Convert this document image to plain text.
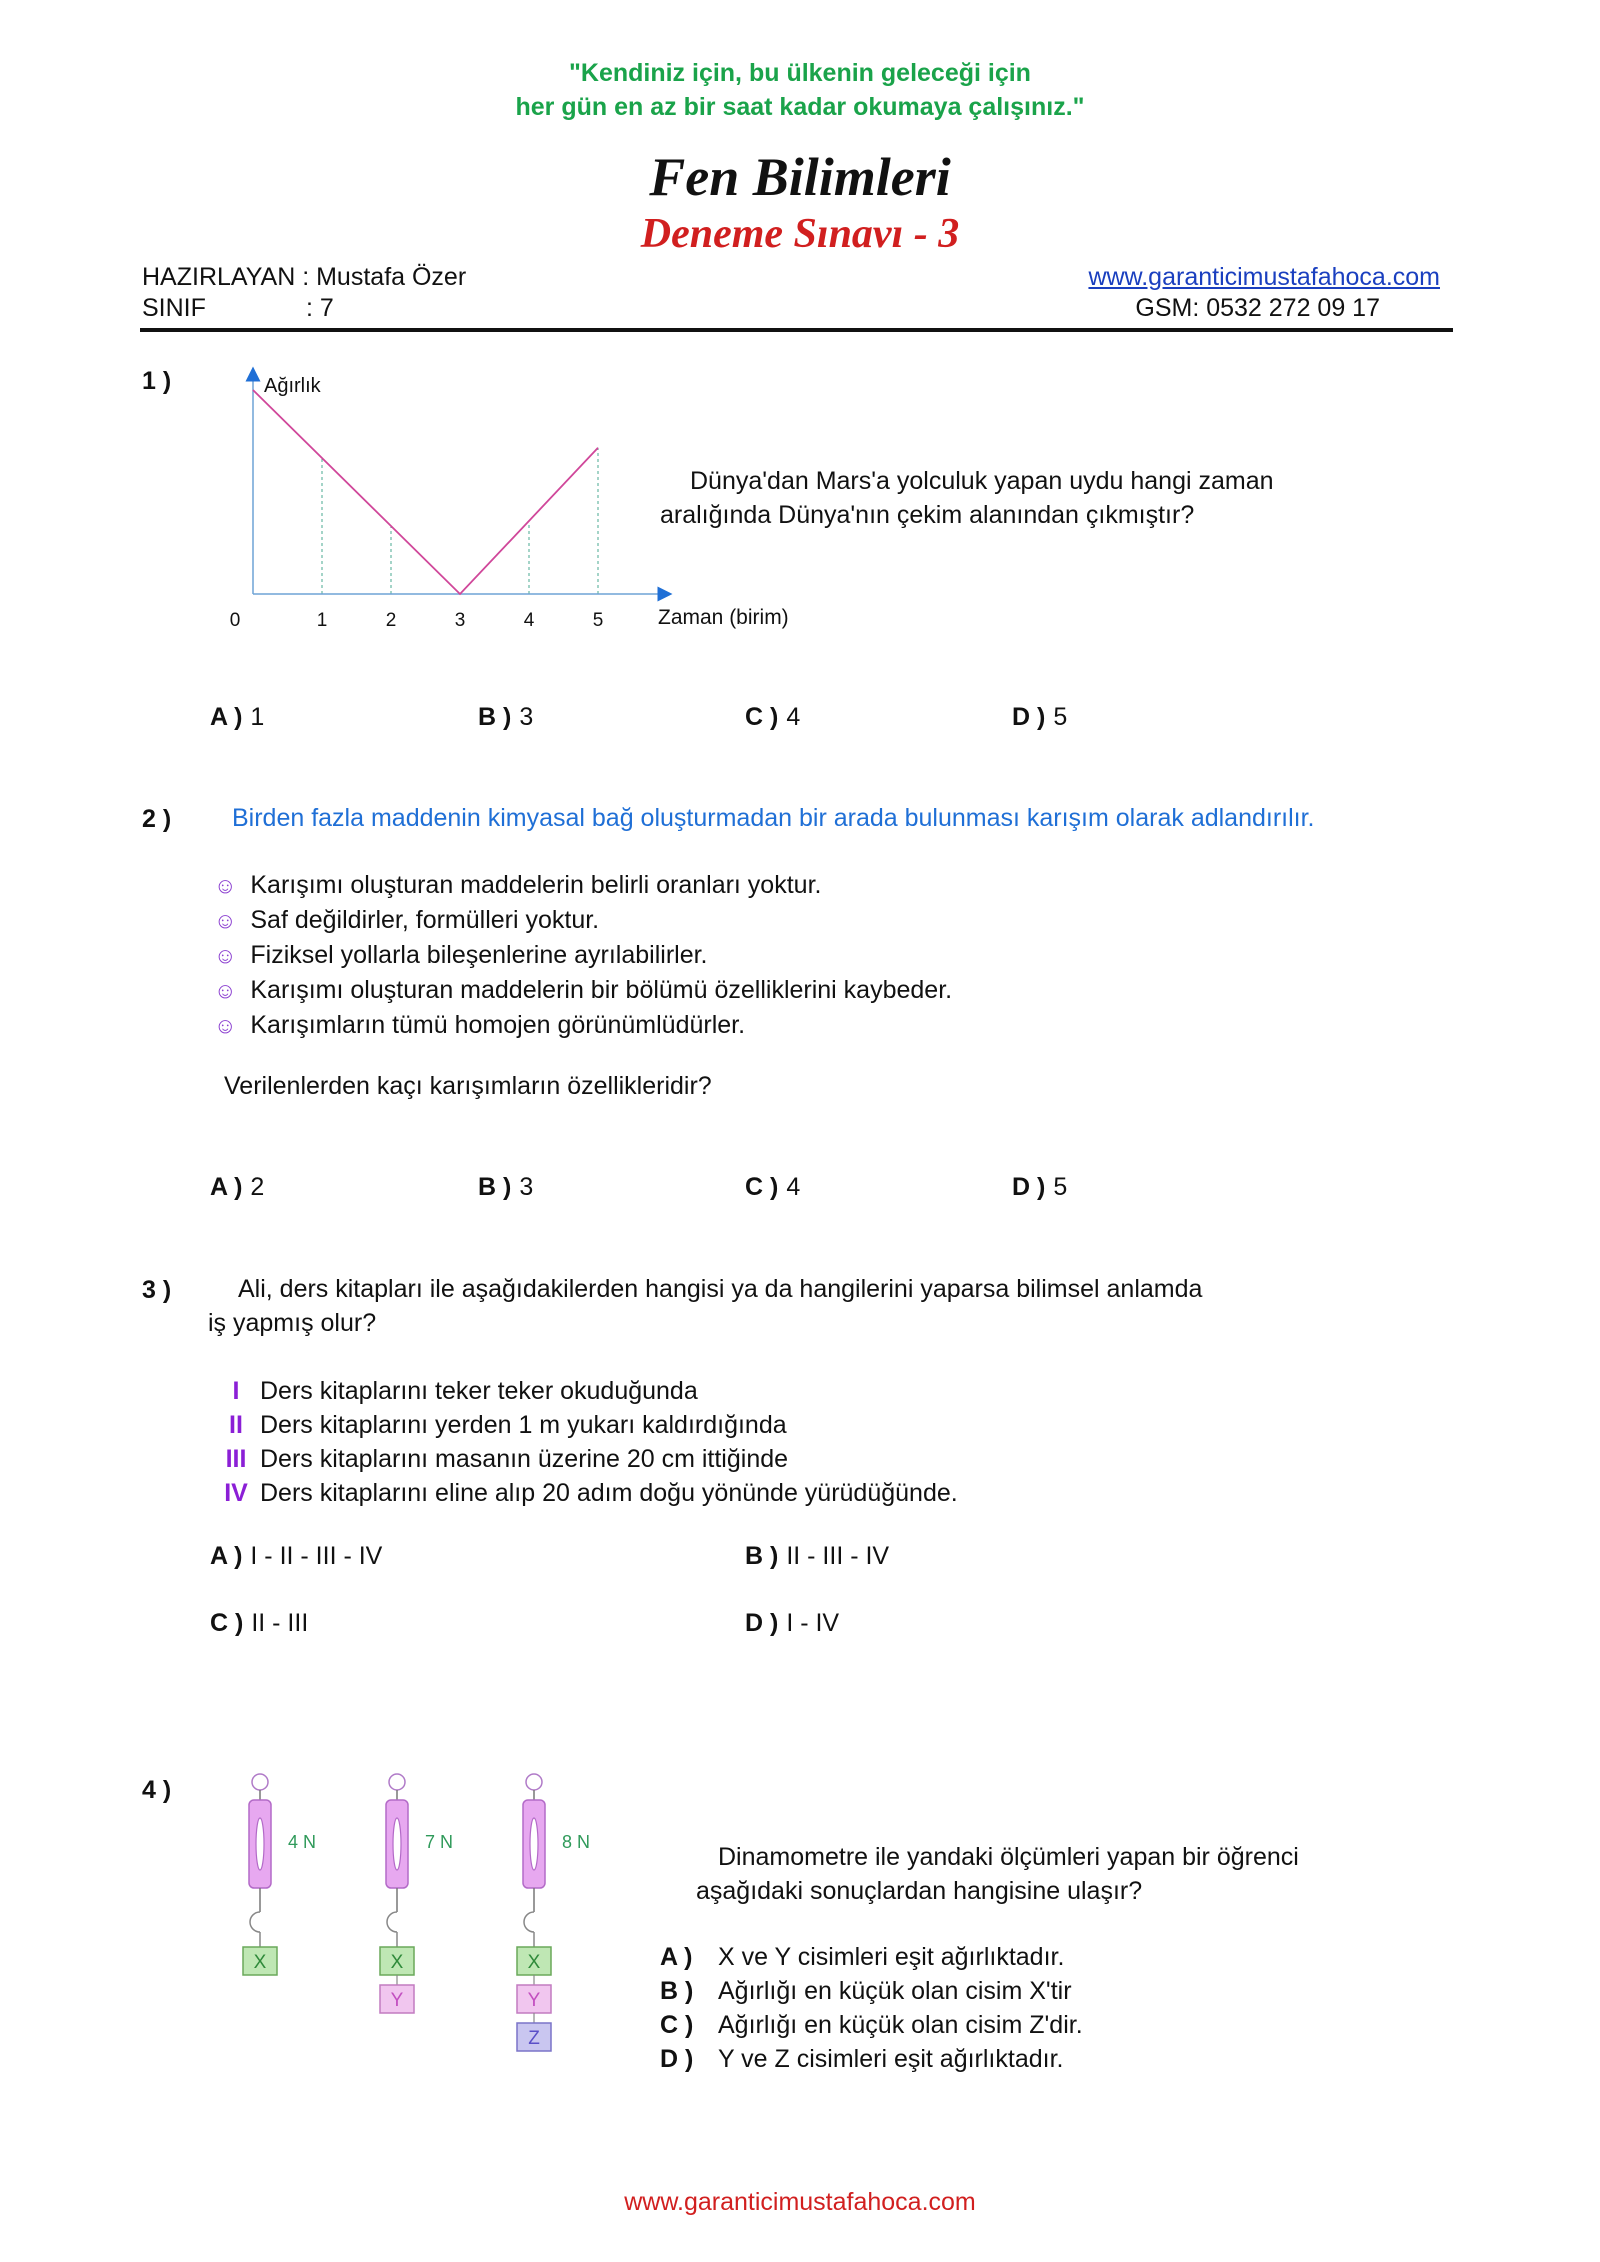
"Kendiniz için, bu ülkenin geleceği için
her gün en az bir saat kadar okumaya çalışınız."
Fen Bilimleri
Deneme Sınavı - 3
HAZIRLAYAN : Mustafa Özer
SINIF	: 7
www.garanticimustafahoca.com
GSM: 0532 272 09 17
1 )	Ağırlık
Zaman (birim)
0	1	2	3	4	5
Dünya'dan Mars'a yolculuk yapan uydu hangi zaman
aralığında Dünya'nın çekim alanından çıkmıştır?
A ) 1	B ) 3	C ) 4	D ) 5
2 ) Birden fazla maddenin kimyasal bağ oluşturmadan bir arada bulunması karışım olarak adlandırılır.
☺ Karışımı oluşturan maddelerin belirli oranları yoktur.
☺ Saf değildirler, formülleri yoktur.
☺ Fiziksel yollarla bileşenlerine ayrılabilirler.
☺ Karışımı oluşturan maddelerin bir bölümü özelliklerini kaybeder.
☺ Karışımların tümü homojen görünümlüdürler.
Verilenlerden kaçı karışımların özellikleridir?
A ) 2	B ) 3	C ) 4	D ) 5
3 )	Ali, ders kitapları ile aşağıdakilerden hangisi ya da hangilerini yaparsa bilimsel anlamda
iş yapmış olur?
I Ders kitaplarını teker teker okuduğunda
II Ders kitaplarını yerden 1 m yukarı kaldırdığında
III Ders kitaplarını masanın üzerine 20 cm ittiğinde
IV Ders kitaplarını eline alıp 20 adım doğu yönünde yürüdüğünde.
A ) I - II - III - IV	B ) II - III - IV
C ) II - III	D ) I - IV
4 )
4 N
X
7 N
X
Y
8 N
X
Y
Z
Dinamometre ile yandaki ölçümleri yapan bir öğrenci
aşağıdaki sonuçlardan hangisine ulaşır?
A ) X ve Y cisimleri eşit ağırlıktadır.
B ) Ağırlığı en küçük olan cisim X'tir
C ) Ağırlığı en küçük olan cisim Z'dir.
D ) Y ve Z cisimleri eşit ağırlıktadır.
www.garanticimustafahoca.com
